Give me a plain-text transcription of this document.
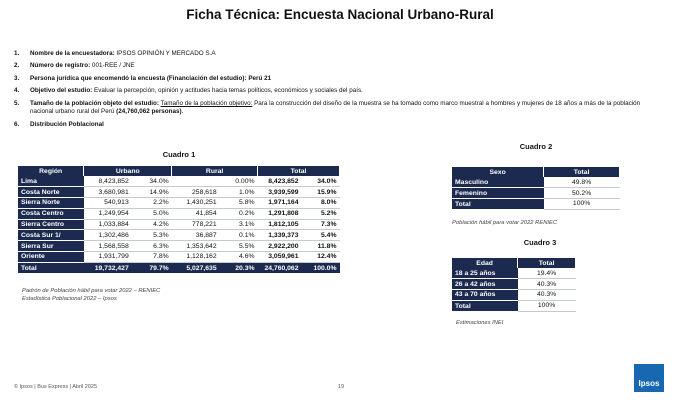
Ficha Técnica: Encuesta Nacional Urbano-Rural
1.	Nombre de la encuestadora: IPSOS OPINIÓN Y MERCADO S.A
2.	Número de registro: 001-REE / JNE
3.	Persona jurídica que encomendó la encuesta (Financiación del estudio): Perú 21
4.	Objetivo del estudio: Evaluar la percepción, opinión y actitudes hacia temas políticos, económicos y sociales del país.
5.	Tamaño de la población objeto del estudio: Tamaño de la población objetivo: Para la construcción del diseño de la muestra se ha tomado como marco muestral a hombres y mujeres de 18 años a más de la población nacional urbano rural del Perú (24,760,062 personas).
6.	Distribución Poblacional
Cuadro 1
Región	Urbano		Rural		Total	
Lima	8,423,852	34.0%		0.00%	8,423,852	34.0%
Costa Norte	3,680,981	14.9%	258,618	1.0%	3,939,599	15.9%
Sierra Norte	540,913	2.2%	1,430,251	5.8%	1,971,164	8.0%
Costa Centro	1,249,954	5.0%	41,854	0.2%	1,291,808	5.2%
Sierra Centro	1,033,884	4.2%	778,221	3.1%	1,812,105	7.3%
Costa Sur 1/	1,302,486	5.3%	36,887	0.1%	1,339,373	5.4%
Sierra Sur	1,568,558	6.3%	1,353,642	5.5%	2,922,200	11.8%
Oriente	1,931,799	7.8%	1,128,162	4.6%	3,059,961	12.4%
Total	19,732,427	79.7%	5,027,635	20.3%	24,760,062	100.0%
Padrón de Población hábil para votar 2022 – RENIEC
Estadística Poblacional 2022 – Ipsos
Cuadro 2
Sexo	Total
Masculino	49.8%
Femenino	50.2%
Total	100%
Población hábil para votar 2022 RENIEC
Cuadro 3
Edad	Total
18 a 25 años	19.4%
26 a 42 años	40.3%
43 a 70 años	40.3%
Total	100%
Estimaciones INEI
© Ipsos | Bus Express | Abril 2025	19	Ipsos
